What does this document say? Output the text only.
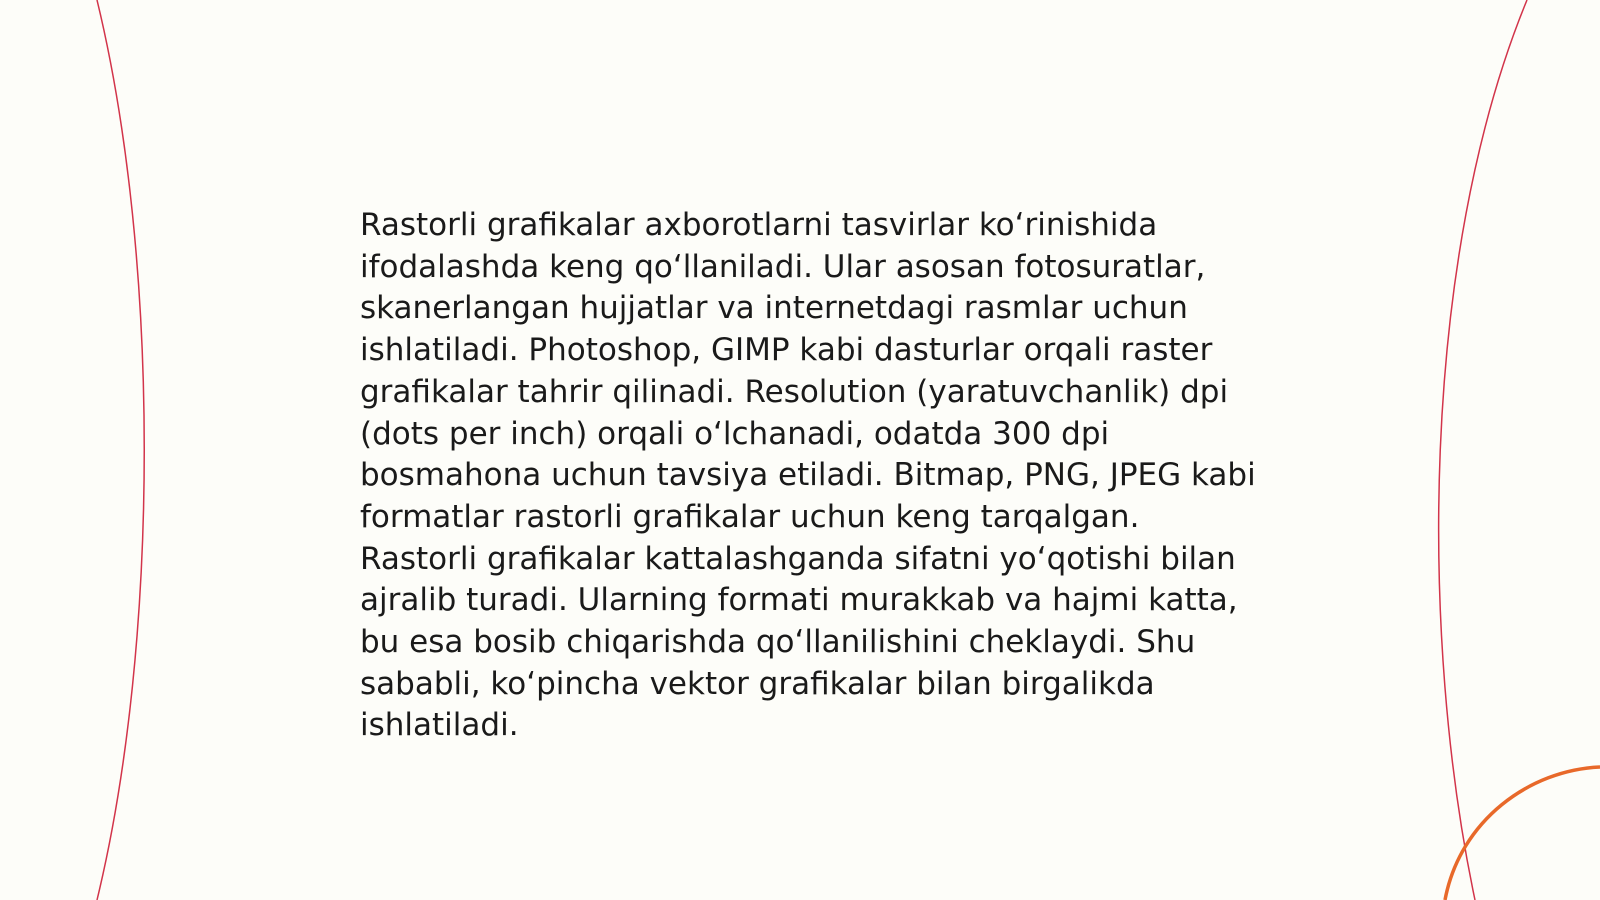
Rastorli grafikalar axborotlarni tasvirlar ko‘rinishida ifodalashda keng qo‘llaniladi. Ular asosan fotosuratlar, skanerlangan hujjatlar va internetdagi rasmlar uchun ishlatiladi. Photoshop, GIMP kabi dasturlar orqali raster grafikalar tahrir qilinadi. Resolution (yaratuvchanlik) dpi (dots per inch) orqali o‘lchanadi, odatda 300 dpi bosmahona uchun tavsiya etiladi. Bitmap, PNG, JPEG kabi formatlar rastorli grafikalar uchun keng tarqalgan. Rastorli grafikalar kattalashganda sifatni yo‘qotishi bilan ajralib turadi. Ularning formati murakkab va hajmi katta, bu esa bosib chiqarishda qo‘llanilishini cheklaydi. Shu sababli, ko‘pincha vektor grafikalar bilan birgalikda ishlatiladi.
